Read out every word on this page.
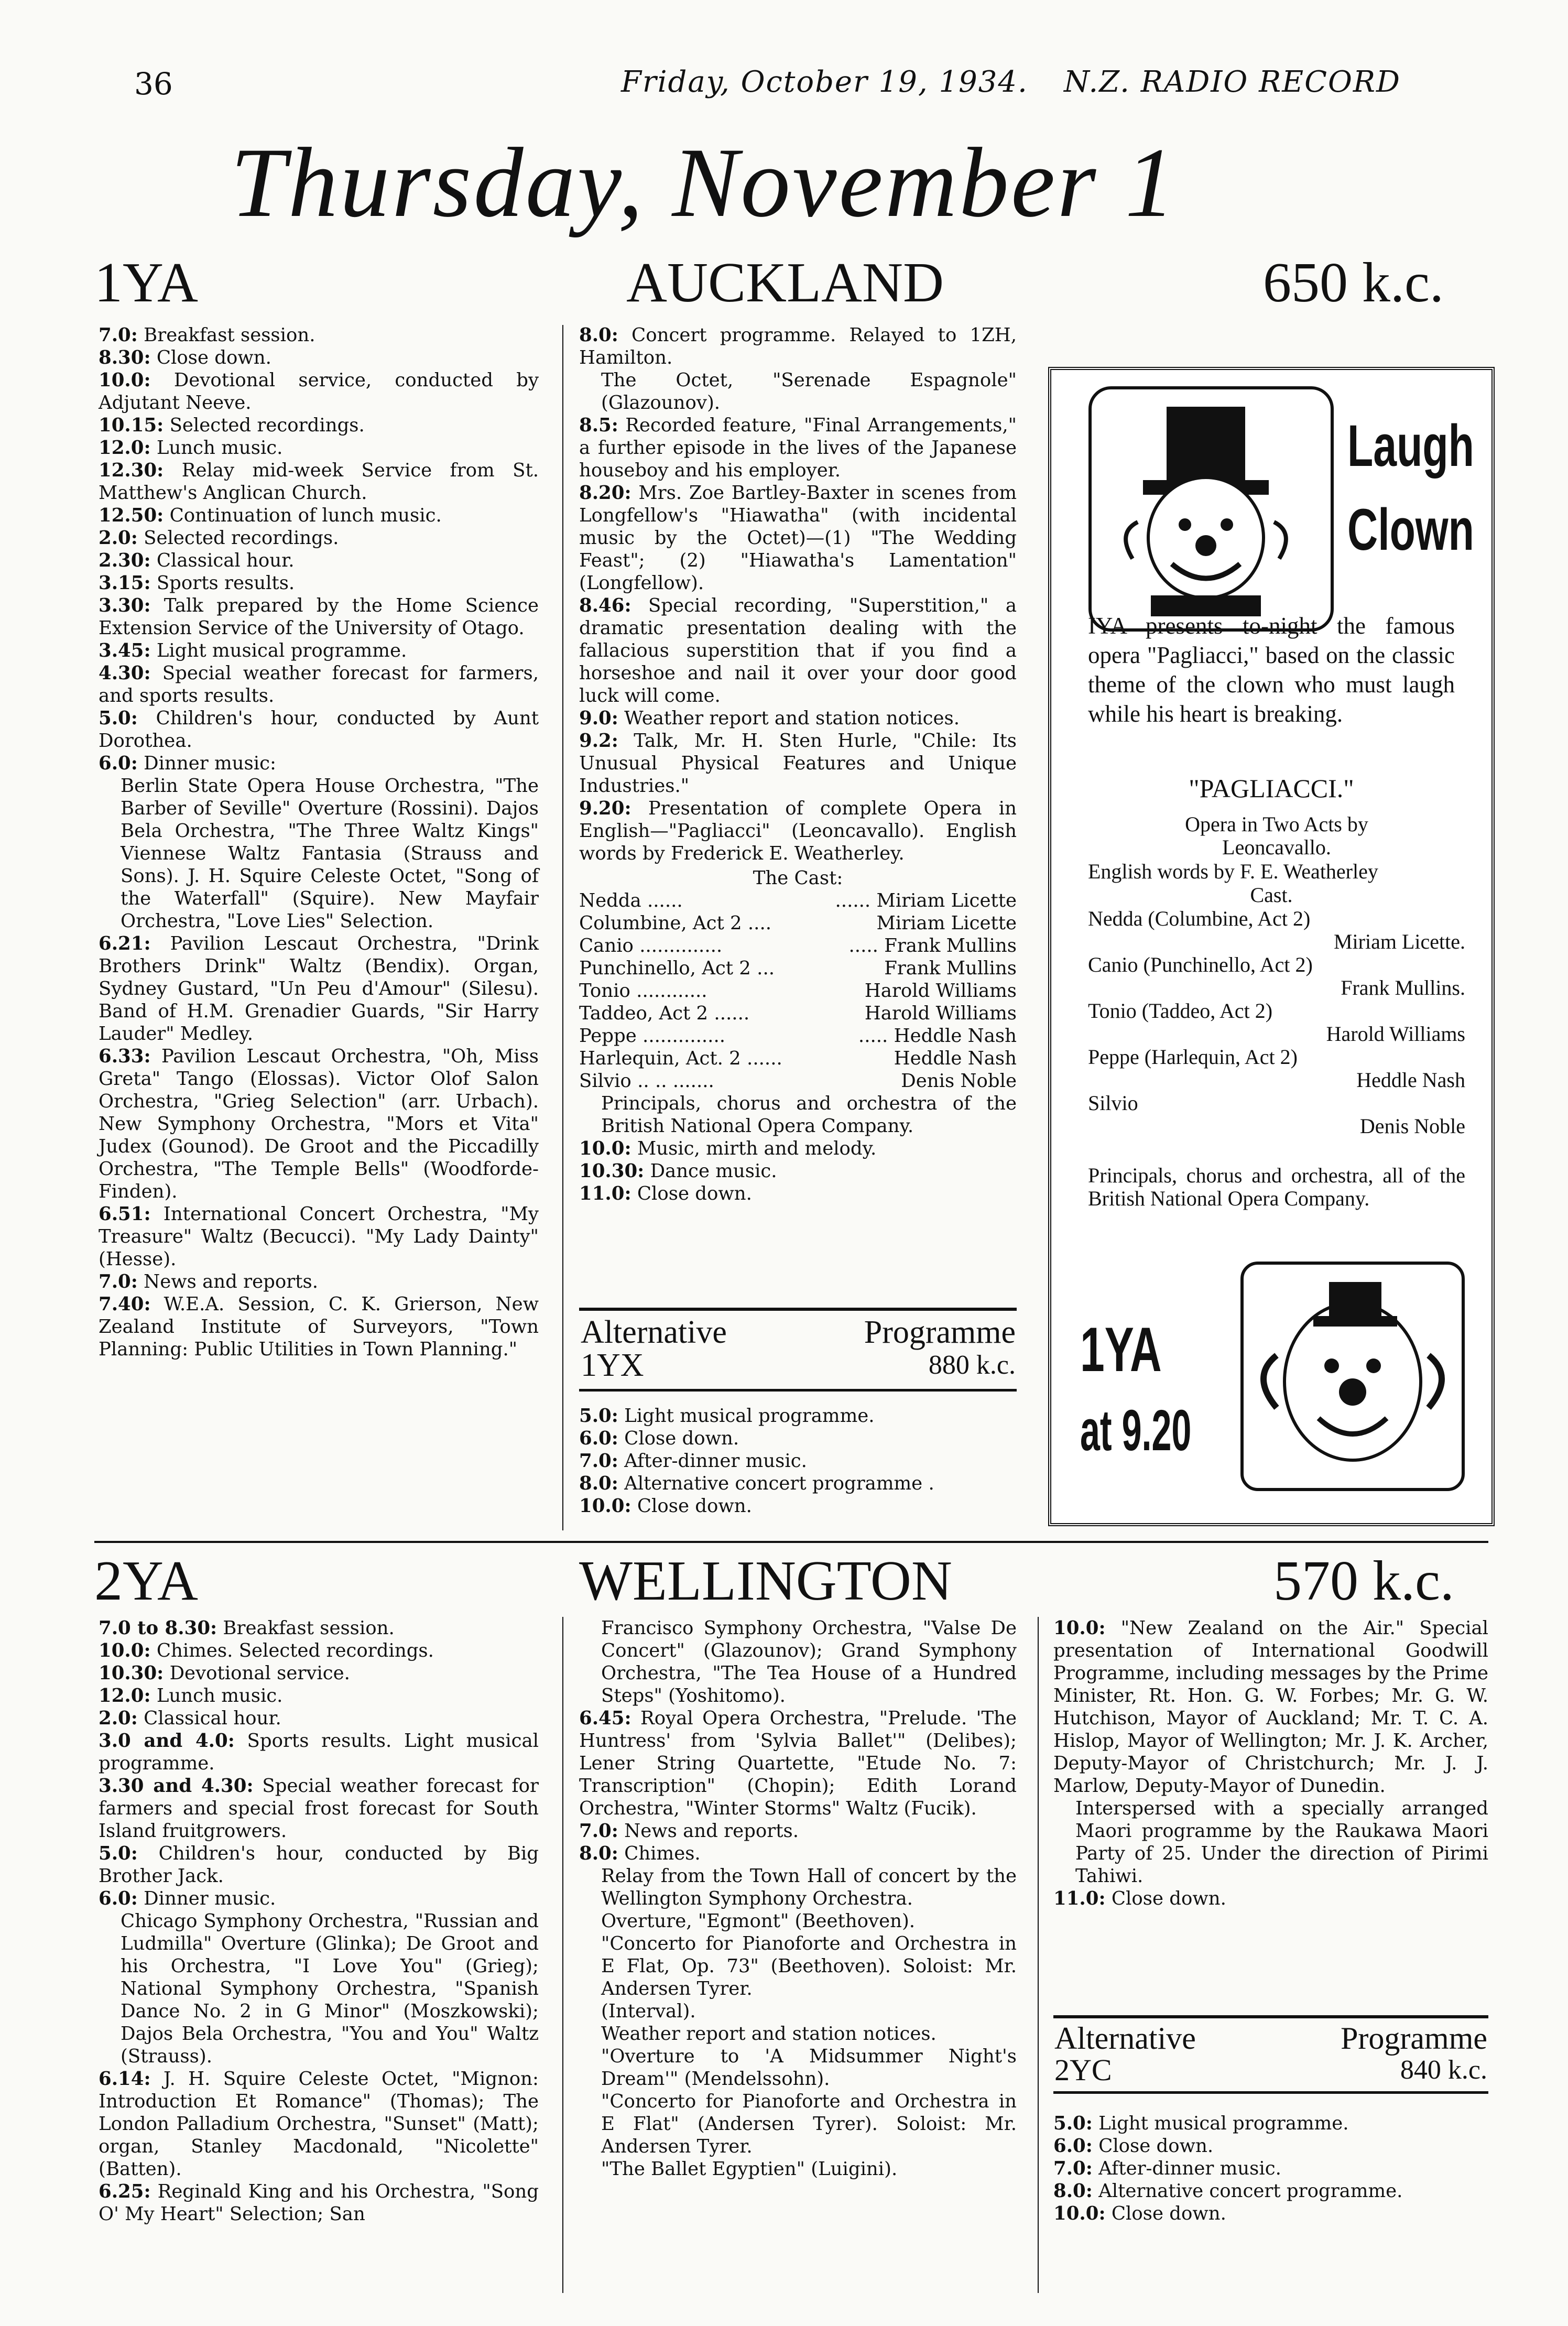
36	Friday, October 19, 1934. N.Z. RADIO RECORD
Thursday, November 1
1YA	AUCKLAND	650 k.c.

7.0: Breakfast session.

8.30: Close down.

10.0: Devotional service, conducted by Adjutant Neeve.

10.15: Selected recordings.

12.0: Lunch music.

12.30: Relay mid-week Service from St. Matthew's Anglican Church.

12.50: Continuation of lunch music.

2.0: Selected recordings.

2.30: Classical hour.

3.15: Sports results.

3.30: Talk prepared by the Home Science Extension Service of the University of Otago.

3.45: Light musical programme.

4.30: Special weather forecast for farmers, and sports results.

5.0: Children's hour, conducted by Aunt Dorothea.

6.0: Dinner music:

Berlin State Opera House Orchestra, "The Barber of Seville" Overture (Rossini). Dajos Bela Orchestra, "The Three Waltz Kings" Viennese Waltz Fantasia (Strauss and Sons). J. H. Squire Celeste Octet, "Song of the Waterfall" (Squire). New Mayfair Orchestra, "Love Lies" Selection.

6.21: Pavilion Lescaut Orchestra, "Drink Brothers Drink" Waltz (Bendix). Organ, Sydney Gustard, "Un Peu d'Amour" (Silesu). Band of H.M. Grenadier Guards, "Sir Harry Lauder" Medley.

6.33: Pavilion Lescaut Orchestra, "Oh, Miss Greta" Tango (Elossas). Victor Olof Salon Orchestra, "Grieg Selection" (arr. Urbach). New Symphony Orchestra, "Mors et Vita" Judex (Gounod). De Groot and the Piccadilly Orchestra, "The Temple Bells" (Woodforde-Finden).

6.51: International Concert Orchestra, "My Treasure" Waltz (Becucci). "My Lady Dainty" (Hesse).

7.0: News and reports.

7.40: W.E.A. Session, C. K. Grierson, New Zealand Institute of Surveyors, "Town Planning: Public Utilities in Town Planning."

8.0: Concert programme. Relayed to 1ZH, Hamilton.

The Octet, "Serenade Espagnole" (Glazounov).

8.5: Recorded feature, "Final Arrangements," a further episode in the lives of the Japanese houseboy and his employer.

8.20: Mrs. Zoe Bartley-Baxter in scenes from Longfellow's "Hiawatha" (with incidental music by the Octet)—(1) "The Wedding Feast"; (2) "Hiawatha's Lamentation" (Longfellow).

8.46: Special recording, "Superstition," a dramatic presentation dealing with the fallacious superstition that if you find a horseshoe and nail it over your door good luck will come.

9.0: Weather report and station notices.

9.2: Talk, Mr. H. Sten Hurle, "Chile: Its Unusual Physical Features and Unique Industries."

9.20: Presentation of complete Opera in English—"Pagliacci" (Leoncavallo). English words by Frederick E. Weatherley.

The Cast:

Nedda ......	...... Miriam Licette
Columbine, Act 2 ....	Miriam Licette
Canio ..............	..... Frank Mullins
Punchinello, Act 2 ...	Frank Mullins
Tonio ............	Harold Williams
Taddeo, Act 2 ......	Harold Williams
Peppe ..............	..... Heddle Nash
Harlequin, Act. 2 ......	Heddle Nash
Silvio .. .. .......	Denis Noble

Principals, chorus and orchestra of the British National Opera Company.

10.0: Music, mirth and melody.

10.30: Dance music.

11.0: Close down.

Alternative	Programme
1YX	880 k.c.

5.0: Light musical programme.

6.0: Close down.

7.0: After-dinner music.

8.0: Alternative concert programme .

10.0: Close down.

Laugh
Clown
IYA presents to-night the famous opera "Pagliacci," based on the classic theme of the clown who must laugh while his heart is breaking.
"PAGLIACCI."
Opera in Two Acts by Leoncavallo.
English words by F. E. Weatherley
Cast.
Nedda (Columbine, Act 2)
Miriam Licette.
Canio (Punchinello, Act 2)
Frank Mullins.
Tonio (Taddeo, Act 2)
Harold Williams
Peppe (Harlequin, Act 2)
Heddle Nash
Silvio
Denis Noble
Principals, chorus and orchestra, all of the British National Opera Company.
1YA
at 9.20
2YA	WELLINGTON	570 k.c.

7.0 to 8.30: Breakfast session.

10.0: Chimes. Selected recordings.

10.30: Devotional service.

12.0: Lunch music.

2.0: Classical hour.

3.0 and 4.0: Sports results. Light musical programme.

3.30 and 4.30: Special weather forecast for farmers and special frost forecast for South Island fruitgrowers.

5.0: Children's hour, conducted by Big Brother Jack.

6.0: Dinner music.

Chicago Symphony Orchestra, "Russian and Ludmilla" Overture (Glinka); De Groot and his Orchestra, "I Love You" (Grieg); National Symphony Orchestra, "Spanish Dance No. 2 in G Minor" (Moszkowski); Dajos Bela Orchestra, "You and You" Waltz (Strauss).

6.14: J. H. Squire Celeste Octet, "Mignon: Introduction Et Romance" (Thomas); The London Palladium Orchestra, "Sunset" (Matt); organ, Stanley Macdonald, "Nicolette" (Batten).

6.25: Reginald King and his Orchestra, "Song O' My Heart" Selection; San

Francisco Symphony Orchestra, "Valse De Concert" (Glazounov); Grand Symphony Orchestra, "The Tea House of a Hundred Steps" (Yoshitomo).

6.45: Royal Opera Orchestra, "Prelude. 'The Huntress' from 'Sylvia Ballet'" (Delibes); Lener String Quartette, "Etude No. 7: Transcription" (Chopin); Edith Lorand Orchestra, "Winter Storms" Waltz (Fucik).

7.0: News and reports.

8.0: Chimes.

Relay from the Town Hall of concert by the Wellington Symphony Orchestra.

Overture, "Egmont" (Beethoven).

"Concerto for Pianoforte and Orchestra in E Flat, Op. 73" (Beethoven). Soloist: Mr. Andersen Tyrer.

(Interval).

Weather report and station notices.

"Overture to 'A Midsummer Night's Dream'" (Mendelssohn).

"Concerto for Pianoforte and Orchestra in E Flat" (Andersen Tyrer). Soloist: Mr. Andersen Tyrer.

"The Ballet Egyptien" (Luigini).

10.0: "New Zealand on the Air." Special presentation of International Goodwill Programme, including messages by the Prime Minister, Rt. Hon. G. W. Forbes; Mr. G. W. Hutchison, Mayor of Auckland; Mr. T. C. A. Hislop, Mayor of Wellington; Mr. J. K. Archer, Deputy-Mayor of Christchurch; Mr. J. J. Marlow, Deputy-Mayor of Dunedin.

Interspersed with a specially arranged Maori programme by the Raukawa Maori Party of 25. Under the direction of Pirimi Tahiwi.

11.0: Close down.

Alternative	Programme
2YC	840 k.c.

5.0: Light musical programme.

6.0: Close down.

7.0: After-dinner music.

8.0: Alternative concert programme.

10.0: Close down.
